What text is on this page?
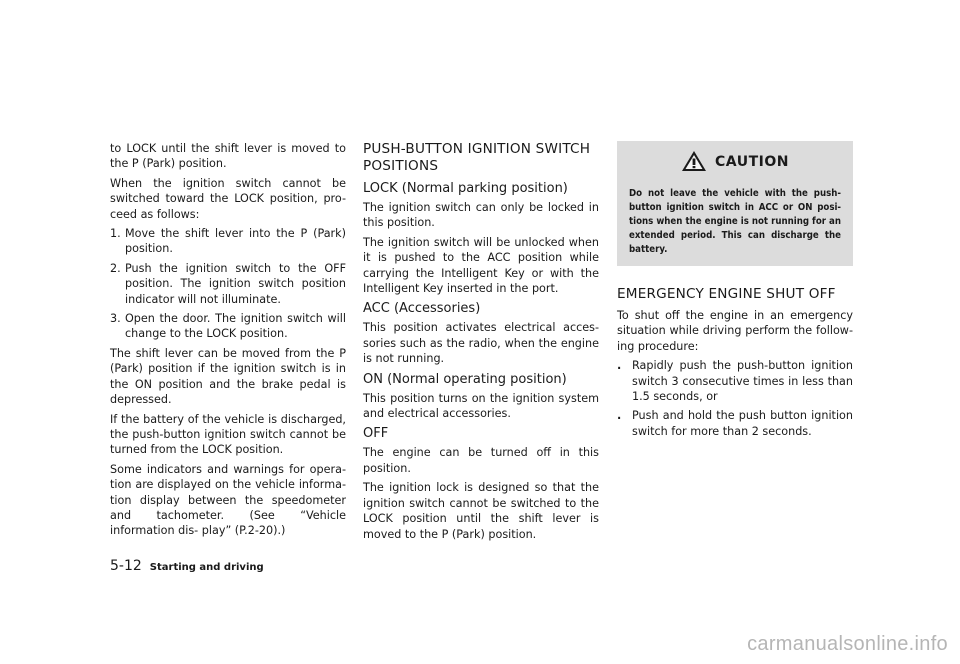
to LOCK until the shift lever is moved to the P (Park) position.

When the ignition switch cannot be switched toward the LOCK position, pro- ceed as follows:

1. Move the shift lever into the P (Park) position.
2. Push the ignition switch to the OFF position. The ignition switch position indicator will not illuminate.
3. Open the door. The ignition switch will change to the LOCK position.

The shift lever can be moved from the P (Park) position if the ignition switch is in the ON position and the brake pedal is depressed.

If the battery of the vehicle is discharged, the push-button ignition switch cannot be turned from the LOCK position.

Some indicators and warnings for opera- tion are displayed on the vehicle informa- tion display between the speedometer and tachometer. (See “Vehicle information dis- play” (P.2-20).)

PUSH-BUTTON IGNITION SWITCH POSITIONS
LOCK (Normal parking position)

The ignition switch can only be locked in this position.

The ignition switch will be unlocked when it is pushed to the ACC position while carrying the Intelligent Key or with the Intelligent Key inserted in the port.

ACC (Accessories)

This position activates electrical acces- sories such as the radio, when the engine is not running.

ON (Normal operating position)

This position turns on the ignition system and electrical accessories.

OFF

The engine can be turned off in this position.

The ignition lock is designed so that the ignition switch cannot be switched to the LOCK position until the shift lever is moved to the P (Park) position.

CAUTION
Do not leave the vehicle with the push- button ignition switch in ACC or ON posi- tions when the engine is not running for an extended period. This can discharge the battery.
EMERGENCY ENGINE SHUT OFF

To shut off the engine in an emergency situation while driving perform the follow- ing procedure:

. Rapidly push the push-button ignition switch 3 consecutive times in less than 1.5 seconds, or
. Push and hold the push button ignition switch for more than 2 seconds.
5-12 Starting and driving
carmanualsonline.info
